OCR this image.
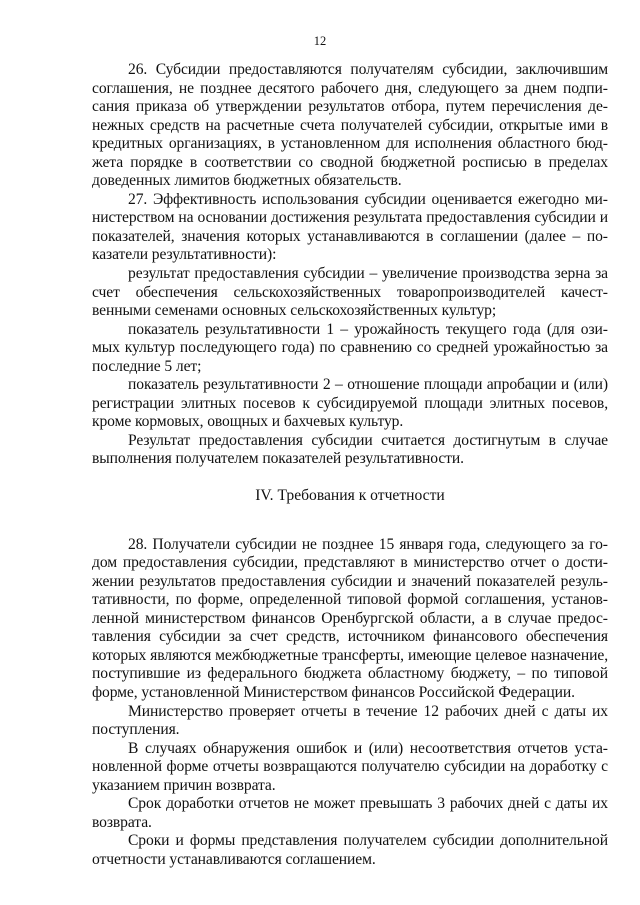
12

26. Субсидии предоставляются получателям субсидии, заключившим соглашения, не позднее десятого рабочего дня, следующего за днем подписания приказа об утверждении результатов отбора, путем перечисления денежных средств на расчетные счета получателей субсидии, открытые ими в кредитных организациях, в установленном для исполнения областного бюджета порядке в соответствии со сводной бюджетной росписью в пределах доведенных лимитов бюджетных обязательств.

27. Эффективность использования субсидии оценивается ежегодно министерством на основании достижения результата предоставления субсидии и показателей, значения которых устанавливаются в соглашении (далее – показатели результативности):

результат предоставления субсидии – увеличение производства зерна за счет обеспечения сельскохозяйственных товаропроизводителей качественными семенами основных сельскохозяйственных культур;

показатель результативности 1 – урожайность текущего года (для озимых культур последующего года) по сравнению со средней урожайностью за последние 5 лет;

показатель результативности 2 – отношение площади апробации и (или) регистрации элитных посевов к субсидируемой площади элитных посевов, кроме кормовых, овощных и бахчевых культур.

Результат предоставления субсидии считается достигнутым в случае выполнения получателем показателей результативности.

IV. Требования к отчетности

28. Получатели субсидии не позднее 15 января года, следующего за годом предоставления субсидии, представляют в министерство отчет о достижении результатов предоставления субсидии и значений показателей результативности, по форме, определенной типовой формой соглашения, установленной министерством финансов Оренбургской области, а в случае предоставления субсидии за счет средств, источником финансового обеспечения которых являются межбюджетные трансферты, имеющие целевое назначение, поступившие из федерального бюджета областному бюджету, – по типовой форме, установленной Министерством финансов Российской Федерации.

Министерство проверяет отчеты в течение 12 рабочих дней с даты их поступления.

В случаях обнаружения ошибок и (или) несоответствия отчетов установленной форме отчеты возвращаются получателю субсидии на доработку с указанием причин возврата.

Срок доработки отчетов не может превышать 3 рабочих дней с даты их возврата.

Сроки и формы представления получателем субсидии дополнительной отчетности устанавливаются соглашением.
